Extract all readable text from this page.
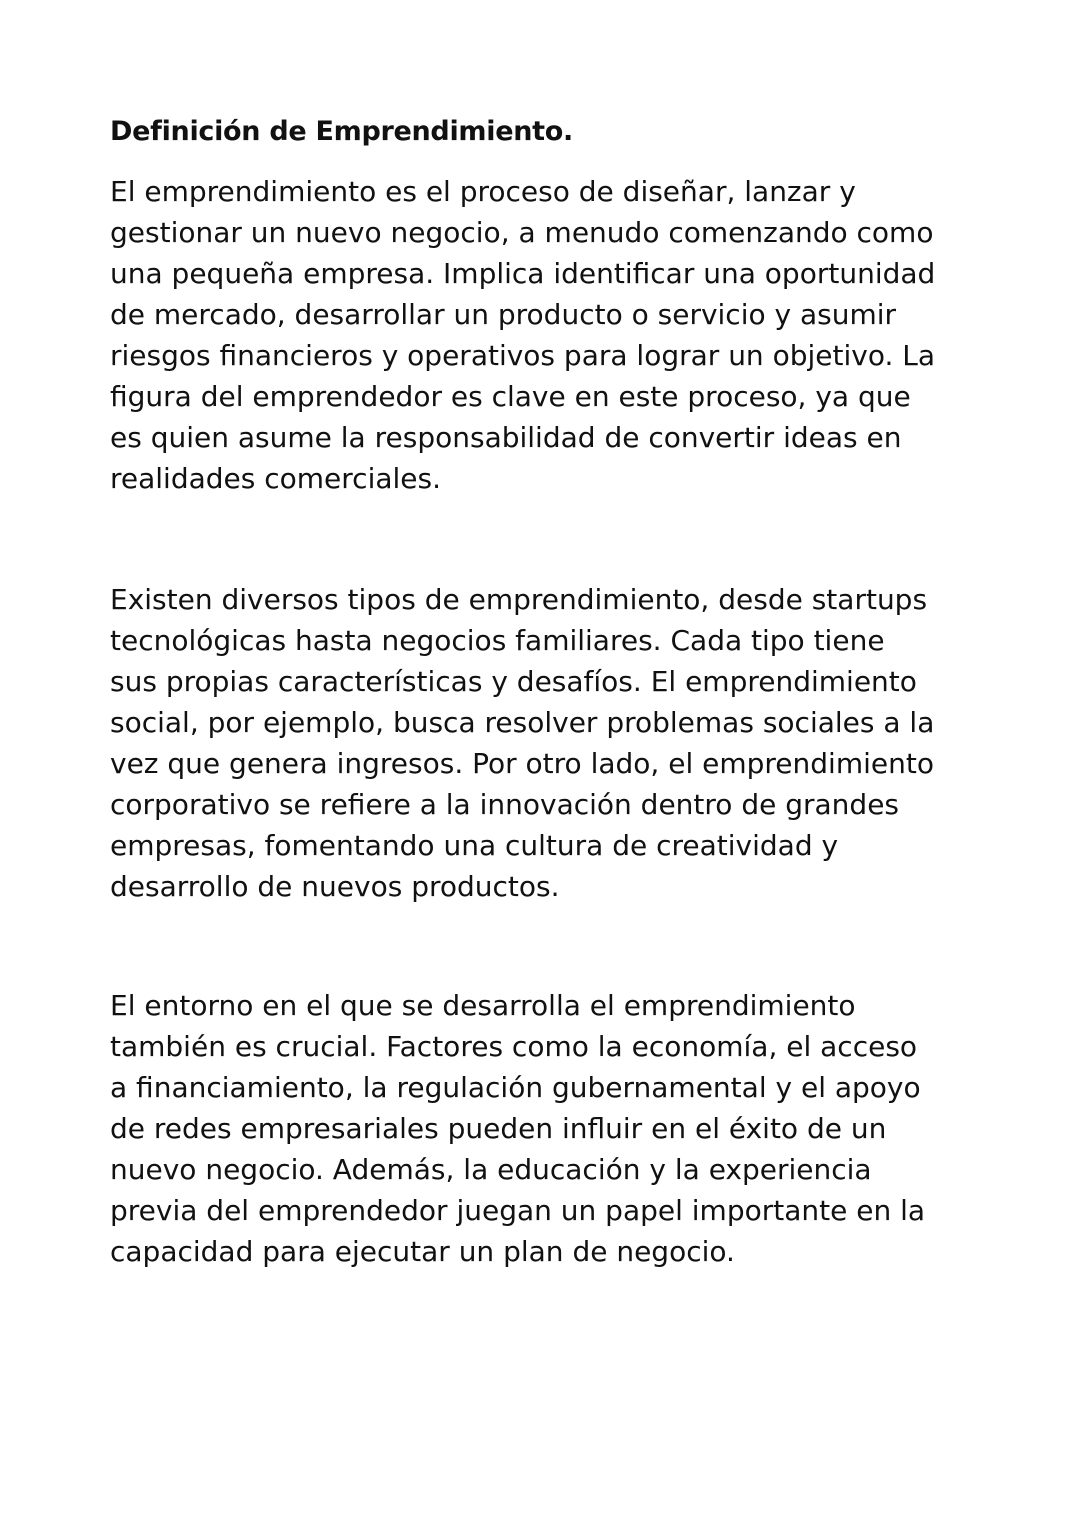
Definición de Emprendimiento.

El emprendimiento es el proceso de diseñar, lanzar y
gestionar un nuevo negocio, a menudo comenzando como
una pequeña empresa. Implica identificar una oportunidad
de mercado, desarrollar un producto o servicio y asumir
riesgos financieros y operativos para lograr un objetivo. La
figura del emprendedor es clave en este proceso, ya que
es quien asume la responsabilidad de convertir ideas en
realidades comerciales.

Existen diversos tipos de emprendimiento, desde startups
tecnológicas hasta negocios familiares. Cada tipo tiene
sus propias características y desafíos. El emprendimiento
social, por ejemplo, busca resolver problemas sociales a la
vez que genera ingresos. Por otro lado, el emprendimiento
corporativo se refiere a la innovación dentro de grandes
empresas, fomentando una cultura de creatividad y
desarrollo de nuevos productos.

El entorno en el que se desarrolla el emprendimiento
también es crucial. Factores como la economía, el acceso
a financiamiento, la regulación gubernamental y el apoyo
de redes empresariales pueden influir en el éxito de un
nuevo negocio. Además, la educación y la experiencia
previa del emprendedor juegan un papel importante en la
capacidad para ejecutar un plan de negocio.
